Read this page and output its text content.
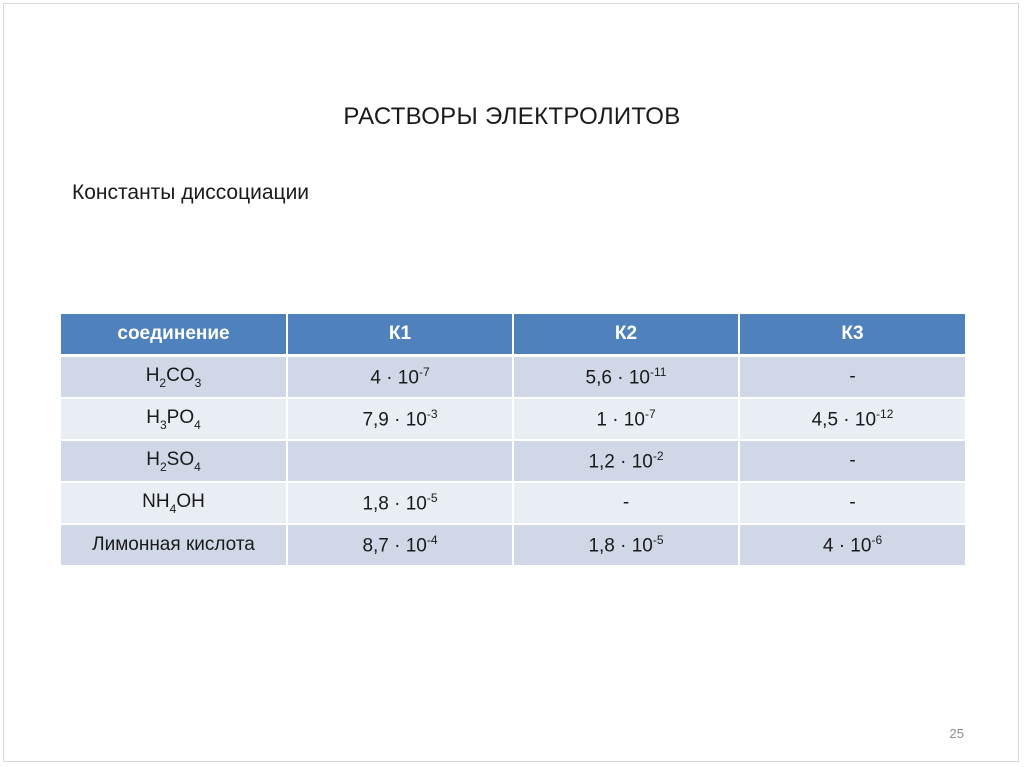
РАСТВОРЫ ЭЛЕКТРОЛИТОВ
Константы диссоциации
соединение	К1	К2	К3
$H_2CO_3$	$4 \cdot 10^{-7}$	$5,6 \cdot 10^{-11}$	-
$H_3PO_4$	$7,9 \cdot 10^{-3}$	$1 \cdot 10^{-7}$	$4,5 \cdot 10^{-12}$
$H_2SO_4$		$1,2 \cdot 10^{-2}$	-
$NH_4OH$	$1,8 \cdot 10^{-5}$	-	-
Лимонная кислота	$8,7 \cdot 10^{-4}$	$1,8 \cdot 10^{-5}$	$4 \cdot 10^{-6}$
25
